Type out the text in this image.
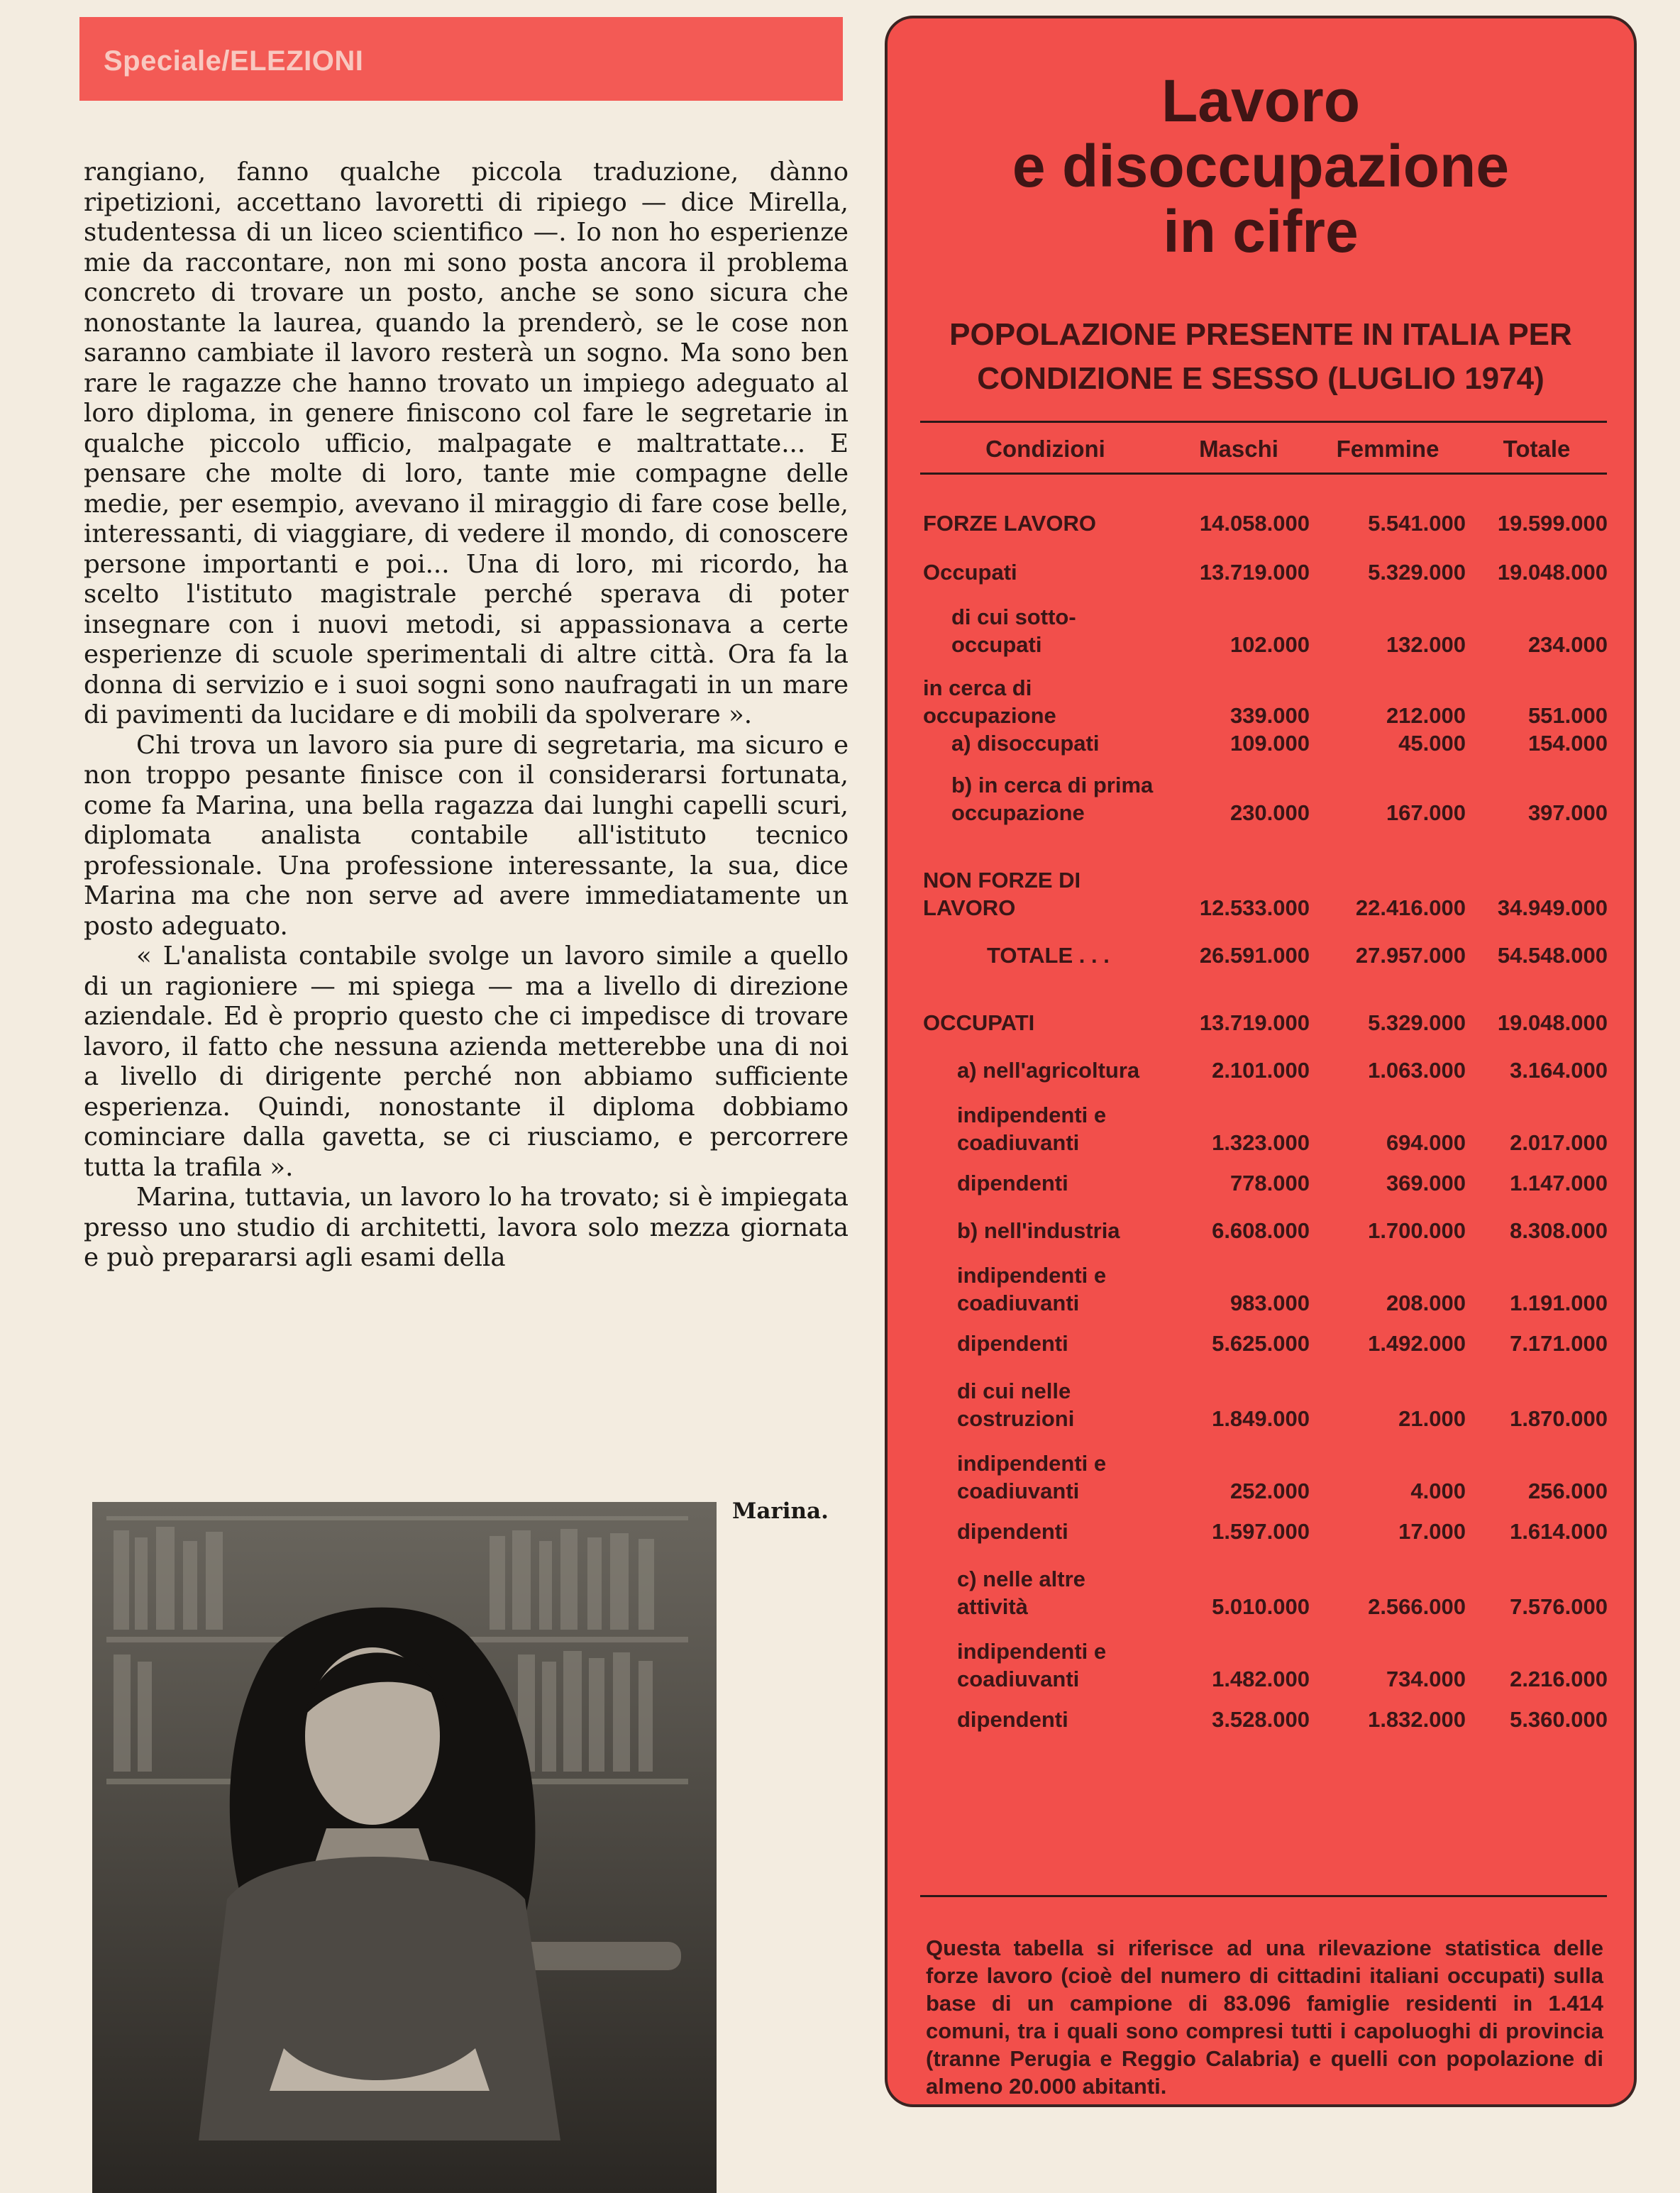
Speciale/ELEZIONI

rangiano, fanno qualche piccola traduzione, dànno ripetizioni, accettano lavoretti di ripiego — dice Mirella, studentessa di un liceo scientifico —. Io non ho esperienze mie da raccontare, non mi sono posta ancora il problema concreto di trovare un posto, anche se sono sicura che nonostante la laurea, quando la prenderò, se le cose non saranno cambiate il lavoro resterà un sogno. Ma sono ben rare le ragazze che hanno trovato un impiego adeguato al loro diploma, in genere finiscono col fare le segretarie in qualche piccolo ufficio, malpagate e maltrattate... E pensare che molte di loro, tante mie compagne delle medie, per esempio, avevano il miraggio di fare cose belle, interessanti, di viaggiare, di vedere il mondo, di conoscere persone importanti e poi... Una di loro, mi ricordo, ha scelto l'istituto magistrale perché sperava di poter insegnare con i nuovi metodi, si appassionava a certe esperienze di scuole sperimentali di altre città. Ora fa la donna di servizio e i suoi sogni sono naufragati in un mare di pavimenti da lucidare e di mobili da spolverare ».

Chi trova un lavoro sia pure di segretaria, ma sicuro e non troppo pesante finisce con il considerarsi fortunata, come fa Marina, una bella ragazza dai lunghi capelli scuri, diplomata analista contabile all'istituto tecnico professionale. Una professione interessante, la sua, dice Marina ma che non serve ad avere immediatamente un posto adeguato.

« L'analista contabile svolge un lavoro simile a quello di un ragioniere — mi spiega — ma a livello di direzione aziendale. Ed è proprio questo che ci impedisce di trovare lavoro, il fatto che nessuna azienda metterebbe una di noi a livello di dirigente perché non abbiamo sufficiente esperienza. Quindi, nonostante il diploma dobbiamo cominciare dalla gavetta, se ci riusciamo, e percorrere tutta la trafila ».

Marina, tuttavia, un lavoro lo ha trovato; si è impiegata presso uno studio di architetti, lavora solo mezza giornata e può prepararsi agli esami della

Marina.
Lavoro
e disoccupazione
in cifre
POPOLAZIONE PRESENTE IN ITALIA PER
CONDIZIONE E SESSO (LUGLIO 1974)
Condizioni	Maschi	Femmine	Totale

FORZE LAVORO	14.058.000	5.541.000	19.599.000

Occupati	13.719.000	5.329.000	19.048.000

di cui sotto-occupati	102.000	132.000	234.000

in cerca di occupazione	339.000	212.000	551.000
a) disoccupati	109.000	45.000	154.000

b) in cerca di prima occupazione	230.000	167.000	397.000

NON FORZE DI LAVORO	12.533.000	22.416.000	34.949.000

TOTALE . . .	26.591.000	27.957.000	54.548.000

OCCUPATI	13.719.000	5.329.000	19.048.000

a) nell'agricoltura	2.101.000	1.063.000	3.164.000

indipendenti e coadiuvanti	1.323.000	694.000	2.017.000

dipendenti	778.000	369.000	1.147.000

b) nell'industria	6.608.000	1.700.000	8.308.000

indipendenti e coadiuvanti	983.000	208.000	1.191.000

dipendenti	5.625.000	1.492.000	7.171.000

di cui nelle costruzioni	1.849.000	21.000	1.870.000

indipendenti e coadiuvanti	252.000	4.000	256.000

dipendenti	1.597.000	17.000	1.614.000

c) nelle altre attività	5.010.000	2.566.000	7.576.000

indipendenti e coadiuvanti	1.482.000	734.000	2.216.000

dipendenti	3.528.000	1.832.000	5.360.000
Questa tabella si riferisce ad una rilevazione statistica delle forze lavoro (cioè del numero di cittadini italiani occupati) sulla base di un campione di 83.096 famiglie residenti in 1.414 comuni, tra i quali sono compresi tutti i capoluoghi di provincia (tranne Perugia e Reggio Calabria) e quelli con popolazione di almeno 20.000 abitanti.
